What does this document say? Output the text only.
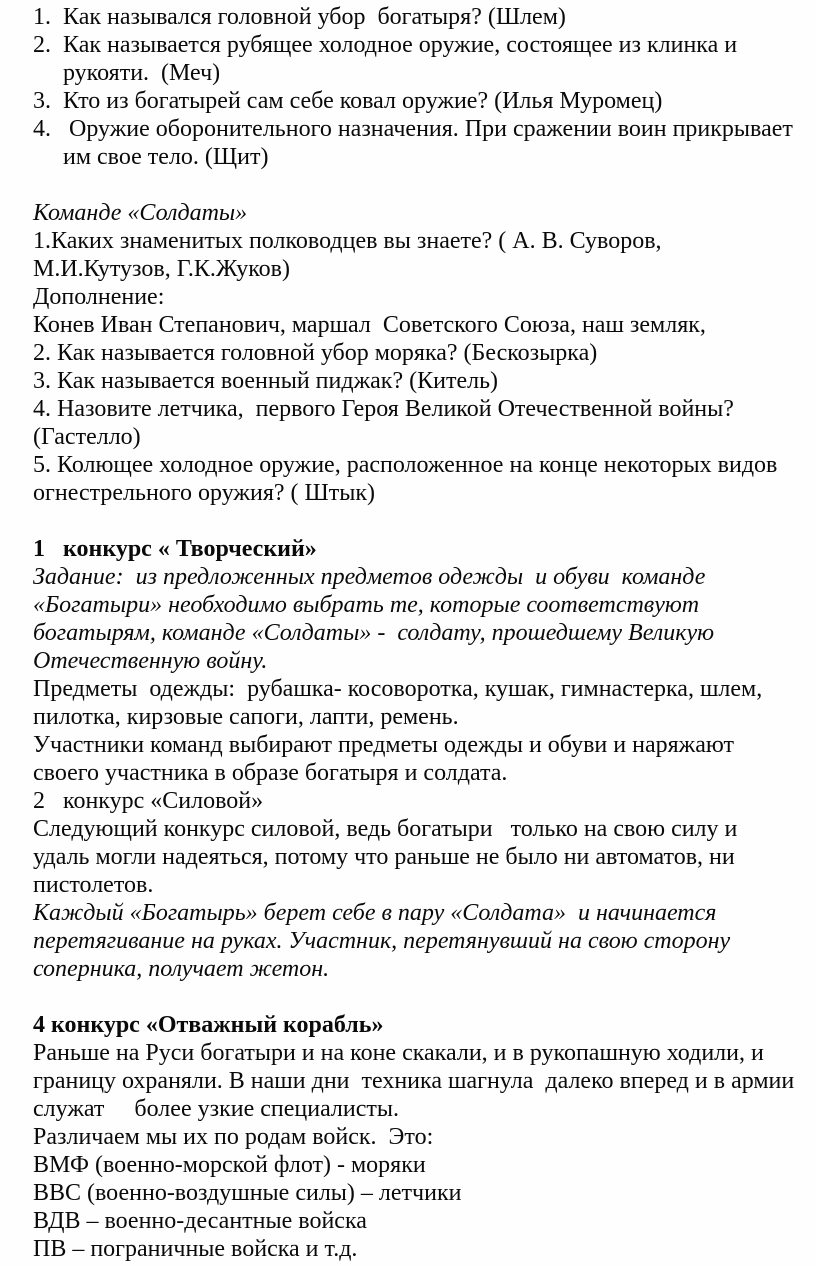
1. Как назывался головной убор  богатыря? (Шлем)
2. Как называется рубящее холодное оружие, состоящее из клинка и
рукояти.  (Меч)
3. Кто из богатырей сам себе ковал оружие? (Илья Муромец)
4. Оружие оборонительного назначения. При сражении воин прикрывает
им свое тело. (Щит)

Команде «Солдаты»
1.Каких знаменитых полководцев вы знаете? ( А. В. Суворов,
М.И.Кутузов, Г.К.Жуков)
Дополнение:
Конев Иван Степанович, маршал  Советского Союза, наш земляк,
2. Как называется головной убор моряка? (Бескозырка)
3. Как называется военный пиджак? (Китель)
4. Назовите летчика,  первого Героя Великой Отечественной войны?
(Гастелло)
5. Колющее холодное оружие, расположенное на конце некоторых видов
огнестрельного оружия? ( Штык)

1 конкурс « Творческий»
Задание:  из предложенных предметов одежды  и обуви  команде
«Богатыри» необходимо выбрать те, которые соответствуют
богатырям, команде «Солдаты» -  солдату, прошедшему Великую
Отечественную войну.
Предметы  одежды:  рубашка- косоворотка, кушак, гимнастерка, шлем,
пилотка, кирзовые сапоги, лапти, ремень.
Участники команд выбирают предметы одежды и обуви и наряжают
своего участника в образе богатыря и солдата.
2 конкурс «Силовой»
Следующий конкурс силовой, ведь богатыри   только на свою силу и
удаль могли надеяться, потому что раньше не было ни автоматов, ни
пистолетов.
Каждый «Богатырь» берет себе в пару «Солдата»  и начинается
перетягивание на руках. Участник, перетянувший на свою сторону
соперника, получает жетон.

4 конкурс «Отважный корабль»
Раньше на Руси богатыри и на коне скакали, и в рукопашную ходили, и
границу охраняли. В наши дни  техника шагнула  далеко вперед и в армии
служат     более узкие специалисты.
Различаем мы их по родам войск.  Это:
ВМФ (военно-морской флот) - моряки
ВВС (военно-воздушные силы) – летчики
ВДВ – военно-десантные войска
ПВ – пограничные войска и т.д.
